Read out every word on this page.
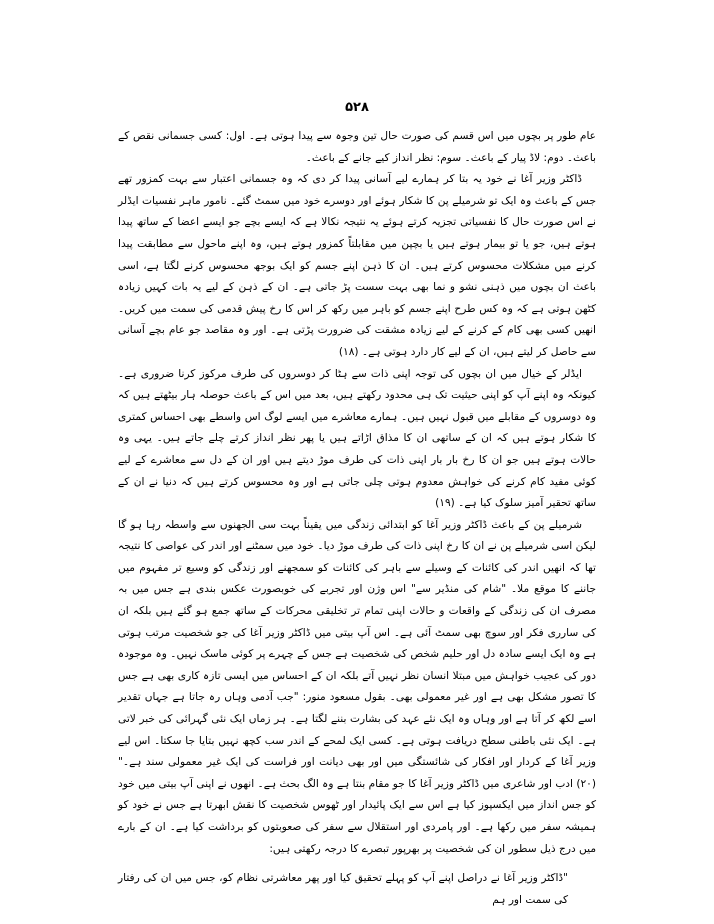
۵۲۸

عام طور پر بچوں میں اس قسم کی صورت حال تین وجوہ سے پیدا ہوتی ہے۔ اول: کسی جسمانی نقص کے باعث۔ دوم: لاڈ پیار کے باعث۔ سوم: نظر انداز کیے جانے کے باعث۔

ڈاکٹر وزیر آغا نے خود یہ بتا کر ہمارے لیے آسانی پیدا کر دی کہ وہ جسمانی اعتبار سے بہت کمزور تھے جس کے باعث وہ ایک تو شرمیلے پن کا شکار ہوئے اور دوسرے خود میں سمٹ گئے۔ نامور ماہر نفسیات ایڈلر نے اس صورت حال کا نفسیاتی تجزیہ کرتے ہوئے یہ نتیجہ نکالا ہے کہ ایسے بچے جو ایسے اعضا کے ساتھ پیدا ہوتے ہیں، جو یا تو بیمار ہوتے ہیں یا بچپن میں مقابلتاً کمزور ہوتے ہیں، وہ اپنے ماحول سے مطابقت پیدا کرنے میں مشکلات محسوس کرتے ہیں۔ ان کا ذہن اپنے جسم کو ایک بوجھ محسوس کرنے لگتا ہے، اسی باعث ان بچوں میں ذہنی نشو و نما بھی بہت سست پڑ جاتی ہے۔ ان کے ذہن کے لیے یہ بات کہیں زیادہ کٹھن ہوتی ہے کہ وہ کس طرح اپنے جسم کو باہر میں رکھ کر اس کا رخ پیش قدمی کی سمت میں کریں۔ انھیں کسی بھی کام کے کرنے کے لیے زیادہ مشقت کی ضرورت پڑتی ہے۔ اور وہ مقاصد جو عام بچے آسانی سے حاصل کر لیتے ہیں، ان کے لیے کار دارد ہوتی ہے۔ (۱۸)

ایڈلر کے خیال میں ان بچوں کی توجہ اپنی ذات سے ہٹا کر دوسروں کی طرف مرکوز کرنا ضروری ہے۔ کیونکہ وہ اپنے آپ کو اپنی حیثیت تک ہی محدود رکھتے ہیں، بعد میں اس کے باعث حوصلہ ہار بیٹھتے ہیں کہ وہ دوسروں کے مقابلے میں قبول نہیں ہیں۔ ہمارے معاشرے میں ایسے لوگ اس واسطے بھی احساس کمتری کا شکار ہوتے ہیں کہ ان کے ساتھی ان کا مذاق اڑاتے ہیں یا پھر نظر انداز کرتے چلے جاتے ہیں۔ یہی وہ حالات ہوتے ہیں جو ان کا رخ بار بار اپنی ذات کی طرف موڑ دیتے ہیں اور ان کے دل سے معاشرے کے لیے کوئی مفید کام کرنے کی خواہش معدوم ہوتی چلی جاتی ہے اور وہ محسوس کرتے ہیں کہ دنیا نے ان کے ساتھ تحقیر آمیز سلوک کیا ہے۔ (۱۹)

شرمیلے پن کے باعث ڈاکٹر وزیر آغا کو ابتدائی زندگی میں یقیناً بہت سی الجھنوں سے واسطہ رہا ہو گا لیکن اسی شرمیلے پن نے ان کا رخ اپنی ذات کی طرف موڑ دیا۔ خود میں سمٹنے اور اندر کی عواصی کا نتیجہ تھا کہ انھیں اندر کی کائنات کے وسیلے سے باہر کی کائنات کو سمجھنے اور زندگی کو وسیع تر مفہوم میں جاننے کا موقع ملا۔ "شام کی منڈیر سے" اس وژن اور تجربے کی خوبصورت عکس بندی ہے جس میں بہ مصرف ان کی زندگی کے واقعات و حالات اپنی تمام تر تخلیقی محرکات کے ساتھ جمع ہو گئے ہیں بلکہ ان کی سارری فکر اور سوچ بھی سمٹ آئی ہے۔ اس آپ بیتی میں ڈاکٹر وزیر آغا کی جو شخصیت مرتب ہوتی ہے وہ ایک ایسے سادہ دل اور حلیم شخص کی شخصیت ہے جس کے چہرے پر کوئی ماسک نہیں۔ وہ موجودہ دور کی عجیب خواہش میں مبتلا انسان نظر نہیں آتے بلکہ ان کے احساس میں ایسی تازہ کاری بھی ہے جس کا تصور مشکل بھی ہے اور غیر معمولی بھی۔ بقول مسعود منور: "جب آدمی وہاں رہ جاتا ہے جہاں تقدیر اسے لکھ کر آتا ہے اور وہاں وہ ایک نئے عہد کی بشارت بننے لگتا ہے۔ ہر زماں ایک نئی گہرائی کی خبر لاتی ہے۔ ایک نئی باطنی سطح دریافت ہوتی ہے۔ کسی ایک لمحے کے اندر سب کچھ نہیں بتایا جا سکتا۔ اس لیے وزیر آغا کے کردار اور افکار کی شائستگی میں اور بھی دیانت اور فراست کی ایک غیر معمولی سند ہے۔" (۲۰) ادب اور شاعری میں ڈاکٹر وزیر آغا کا جو مقام بنتا ہے وہ الگ بحث ہے۔ انھوں نے اپنی آپ بیتی میں خود کو جس انداز میں ایکسپوز کیا ہے اس سے ایک پائیدار اور ٹھوس شخصیت کا نقش ابھرتا ہے جس نے خود کو ہمیشہ سفر میں رکھا ہے۔ اور پامردی اور استقلال سے سفر کی صعوبتوں کو برداشت کیا ہے۔ ان کے بارے میں درج ذیل سطور ان کی شخصیت پر بھرپور تبصرے کا درجہ رکھتی ہیں:

"ڈاکٹر وزیر آغا نے دراصل اپنے آپ کو پہلے تحقیق کیا اور پھر معاشرتی نظام کو، جس میں ان کی رفتار کی سمت اور ہم
